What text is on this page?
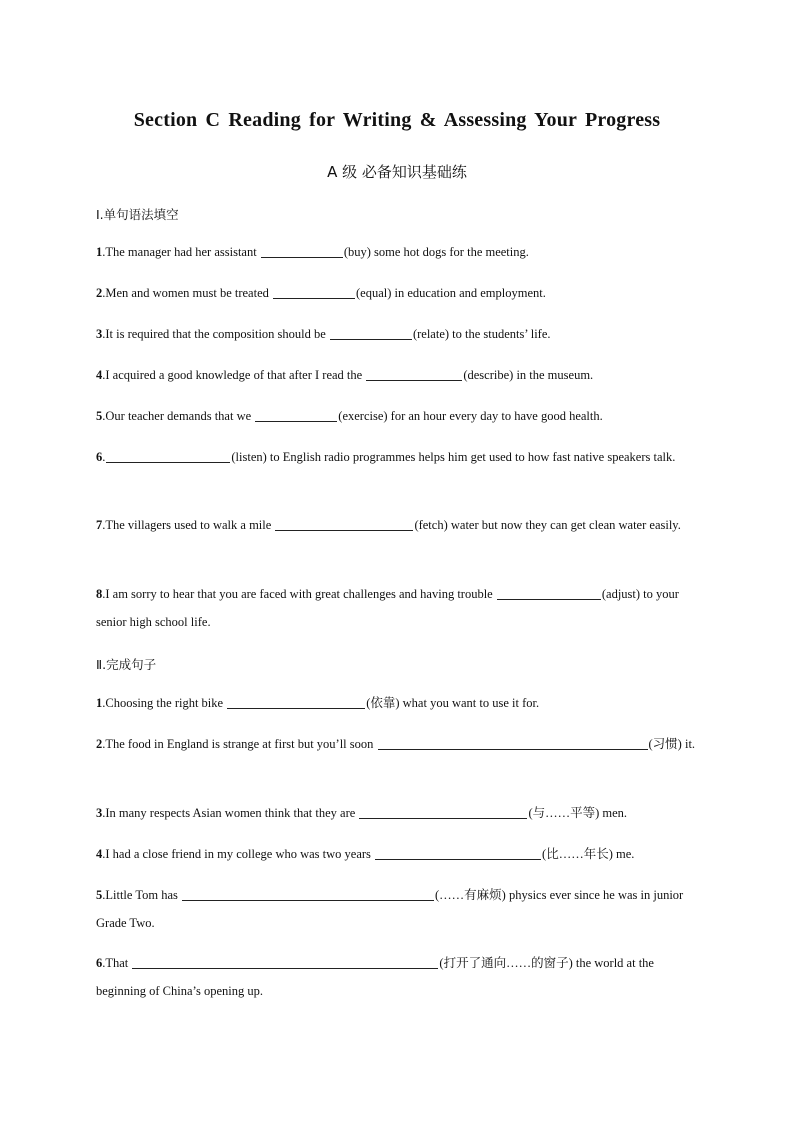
Section C Reading for Writing & Assessing Your Progress
A 级 必备知识基础练
Ⅰ.单句语法填空
1.The manager had her assistant	(buy) some hot dogs for the meeting.
2.Men and women must be treated	(equal) in education and employment.
3.It is required that the composition should be	(relate) to the students’ life.
4.I acquired a good knowledge of that after I read the	(describe) in the museum.
5.Our teacher demands that we	(exercise) for an hour every day to have good health.
6.	(listen) to English radio programmes helps him get used to how fast native speakers talk.
7.The villagers used to walk a mile	(fetch) water but now they can get clean water easily.
8.I am sorry to hear that you are faced with great challenges and having trouble	(adjust) to your senior high school life.
Ⅱ.完成句子
1.Choosing the right bike	(依靠) what you want to use it for.
2.The food in England is strange at first but you’ll soon	(习惯) it.
3.In many respects Asian women think that they are	(与……平等) men.
4.I had a close friend in my college who was two years	(比……年长) me.
5.Little Tom has	(……有麻烦) physics ever since he was in junior Grade Two.
6.That	(打开了通向……的窗子) the world at the beginning of China’s opening up.
